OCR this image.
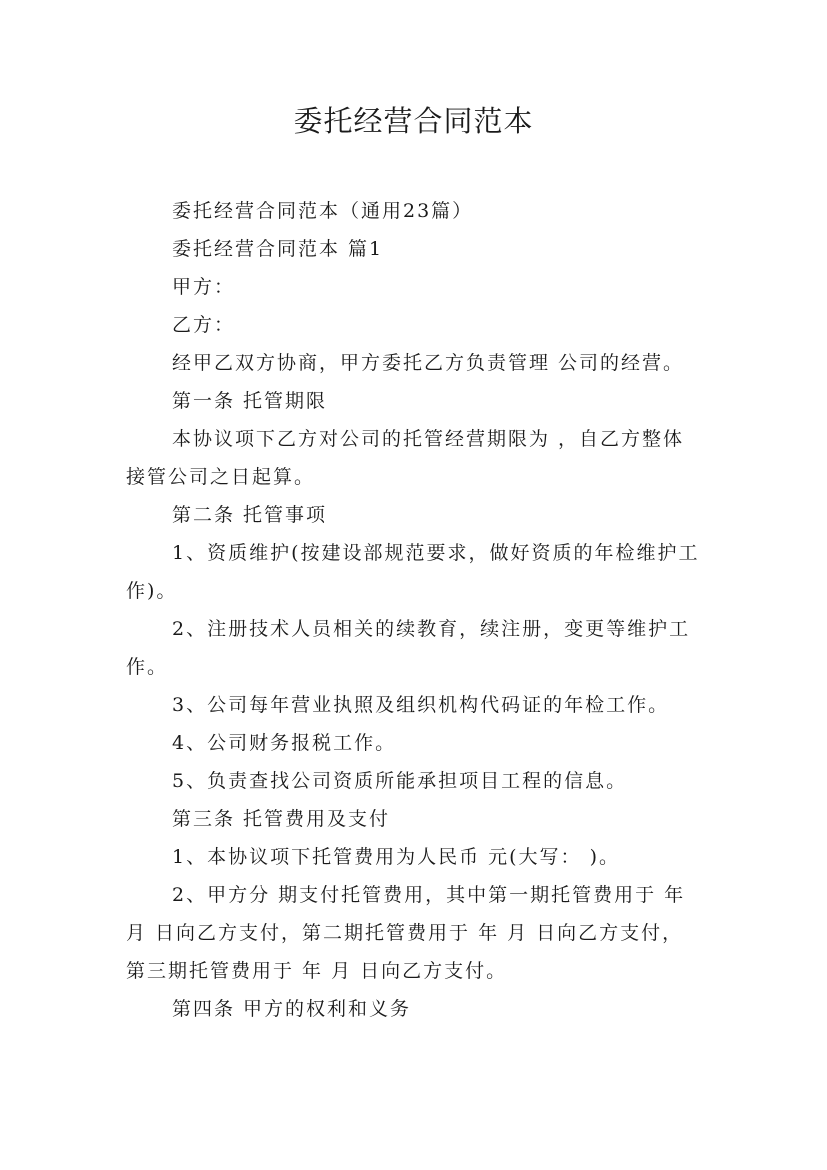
委托经营合同范本

委托经营合同范本（通用23篇）

委托经营合同范本 篇1

甲方：

乙方：

经甲乙双方协商，甲方委托乙方负责管理 公司的经营。

第一条 托管期限

本协议项下乙方对公司的托管经营期限为 ，自乙方整体接管公司之日起算。

第二条 托管事项

1、资质维护(按建设部规范要求，做好资质的年检维护工作)。

2、注册技术人员相关的续教育，续注册，变更等维护工作。

3、公司每年营业执照及组织机构代码证的年检工作。

4、公司财务报税工作。

5、负责查找公司资质所能承担项目工程的信息。

第三条 托管费用及支付

1、本协议项下托管费用为人民币 元(大写： )。

2、甲方分 期支付托管费用，其中第一期托管费用于 年 月 日向乙方支付，第二期托管费用于 年 月 日向乙方支付，第三期托管费用于 年 月 日向乙方支付。

第四条 甲方的权利和义务
